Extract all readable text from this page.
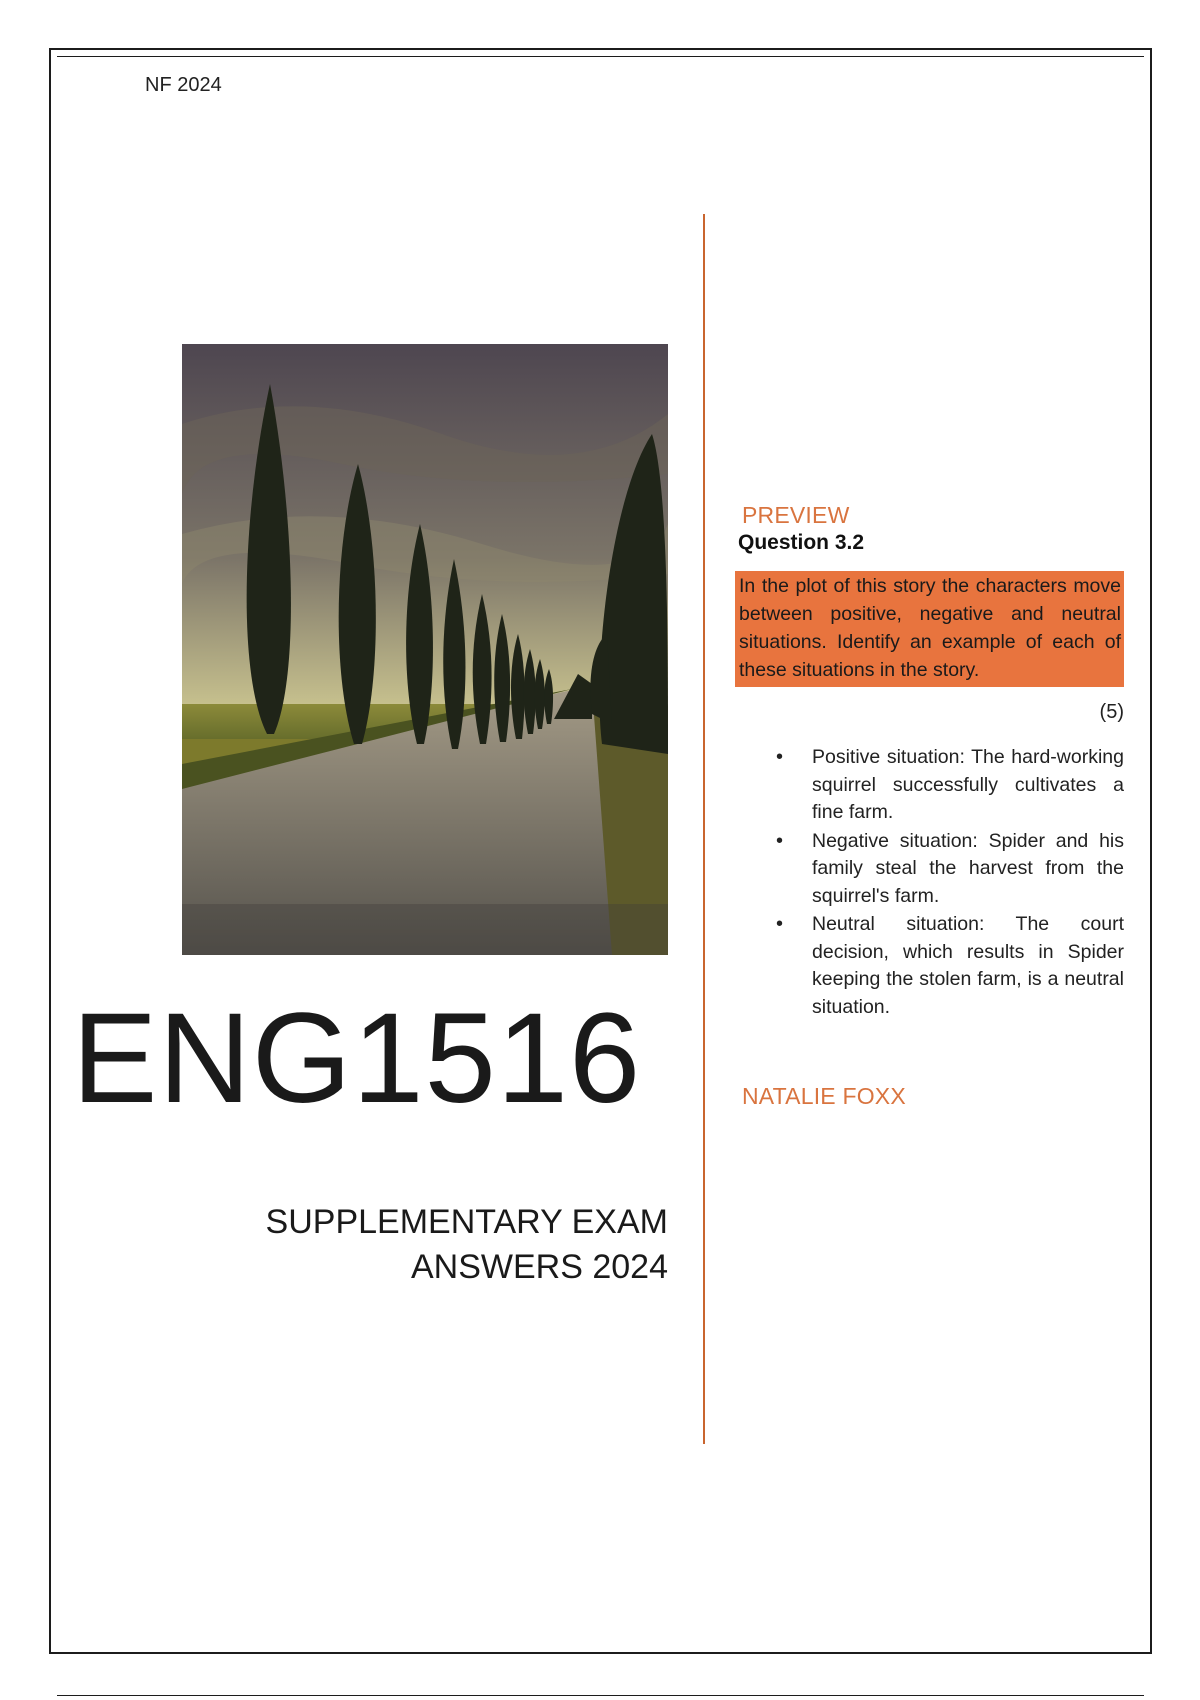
NF 2024
ENG1516
SUPPLEMENTARY EXAM
ANSWERS 2024
PREVIEW
Question 3.2
In the plot of this story the characters move between positive, negative and neutral situations. Identify an example of each of these situations in the story.
(5)
• Positive situation: The hard-working squirrel successfully cultivates a fine farm.
• Negative situation: Spider and his family steal the harvest from the squirrel's farm.
• Neutral situation: The court decision, which results in Spider keeping the stolen farm, is a neutral situation.
NATALIE FOXX
